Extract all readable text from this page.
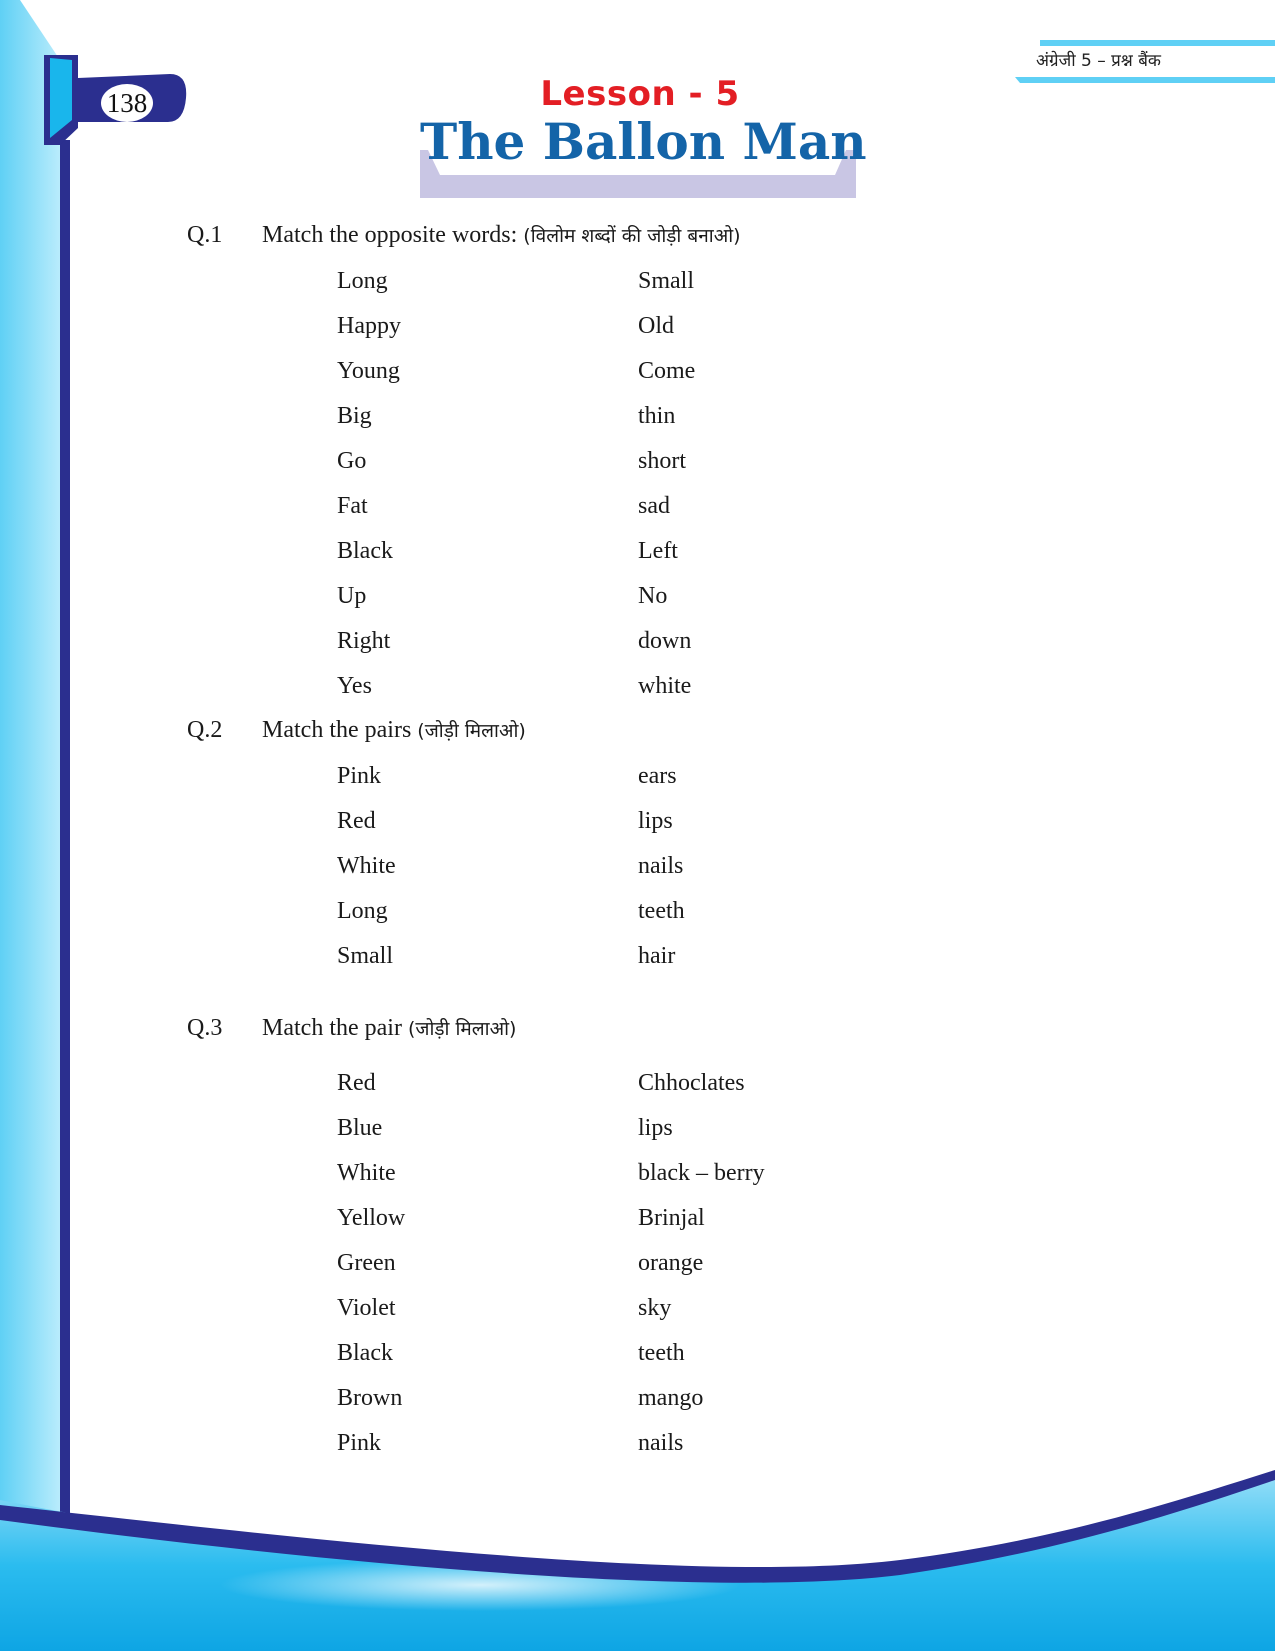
138
अंग्रेजी 5 – प्रश्न बैंक
Lesson - 5
The Ballon Man
Q.1 Match the opposite words: (विलोम शब्दों की जोड़ी बनाओ)
Long	Small
Happy	Old
Young	Come
Big	thin
Go	short
Fat	sad
Black	Left
Up	No
Right	down
Yes	white
Q.2 Match the pairs (जोड़ी मिलाओ)
Pink	ears
Red	lips
White	nails
Long	teeth
Small	hair
Q.3 Match the pair (जोड़ी मिलाओ)
Red	Chhoclates
Blue	lips
White	black – berry
Yellow	Brinjal
Green	orange
Violet	sky
Black	teeth
Brown	mango
Pink	nails
